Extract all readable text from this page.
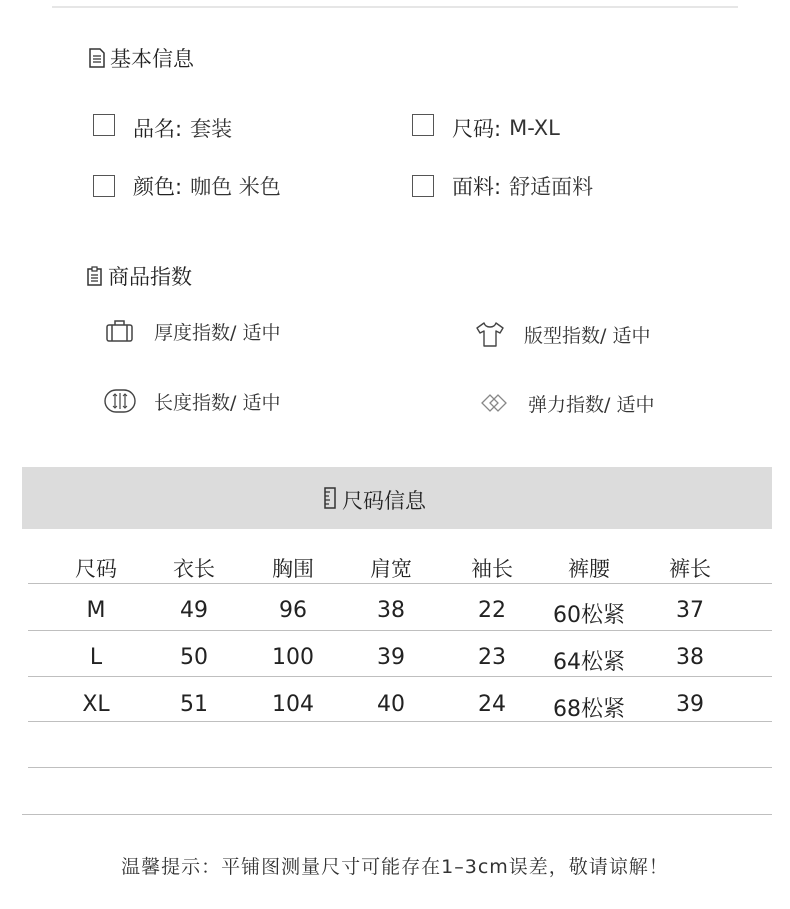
基本信息
品名: 套装	尺码: M-XL
颜色: 咖色 米色	面料: 舒适面料
商品指数
厚度指数/ 适中	版型指数/ 适中
长度指数/ 适中	弹力指数/ 适中
尺码信息
尺码	衣长	胸围	肩宽	袖长	裤腰	裤长
M	49	96	38	22	60松紧	37
L	50	100	39	23	64松紧	38
XL	51	104	40	24	68松紧	39
温馨提示：平铺图测量尺寸可能存在1–3cm误差，敬请谅解！
